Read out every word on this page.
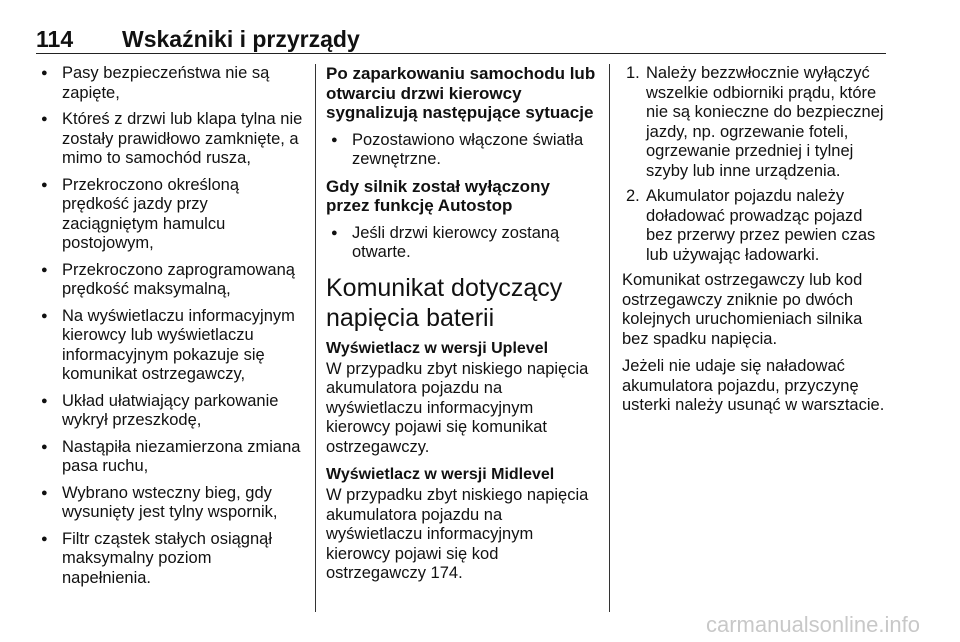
114 Wskaźniki i przyrządy
● Pasy bezpieczeństwa nie są zapięte,
● Któreś z drzwi lub klapa tylna nie zostały prawidłowo zamknięte, a mimo to samochód rusza,
● Przekroczono określoną prędkość jazdy przy zaciągniętym hamulcu postojowym,
● Przekroczono zaprogramowaną prędkość maksymalną,
● Na wyświetlaczu informacyjnym kierowcy lub wyświetlaczu informacyjnym pokazuje się komunikat ostrzegawczy,
● Układ ułatwiający parkowanie wykrył przeszkodę,
● Nastąpiła niezamierzona zmiana pasa ruchu,
● Wybrano wsteczny bieg, gdy wysunięty jest tylny wspornik,
● Filtr cząstek stałych osiągnął maksymalny poziom napełnienia.
Po zaparkowaniu samochodu lub otwarciu drzwi kierowcy sygnalizują następujące sytuacje
● Pozostawiono włączone światła zewnętrzne.
Gdy silnik został wyłączony przez funkcję Autostop
● Jeśli drzwi kierowcy zostaną otwarte.
Komunikat dotyczący napięcia baterii
Wyświetlacz w wersji Uplevel

W przypadku zbyt niskiego napięcia akumulatora pojazdu na wyświetlaczu informacyjnym kierowcy pojawi się komunikat ostrzegawczy.

Wyświetlacz w wersji Midlevel

W przypadku zbyt niskiego napięcia akumulatora pojazdu na wyświetlaczu informacyjnym kierowcy pojawi się kod ostrzegawczy 174.

1. Należy bezzwłocznie wyłączyć wszelkie odbiorniki prądu, które nie są konieczne do bezpiecznej jazdy, np. ogrzewanie foteli, ogrzewanie przedniej i tylnej szyby lub inne urządzenia.
2. Akumulator pojazdu należy doładować prowadząc pojazd bez przerwy przez pewien czas lub używając ładowarki.

Komunikat ostrzegawczy lub kod ostrzegawczy zniknie po dwóch kolejnych uruchomieniach silnika bez spadku napięcia.

Jeżeli nie udaje się naładować akumulatora pojazdu, przyczynę usterki należy usunąć w warsztacie.

carmanualsonline.info
